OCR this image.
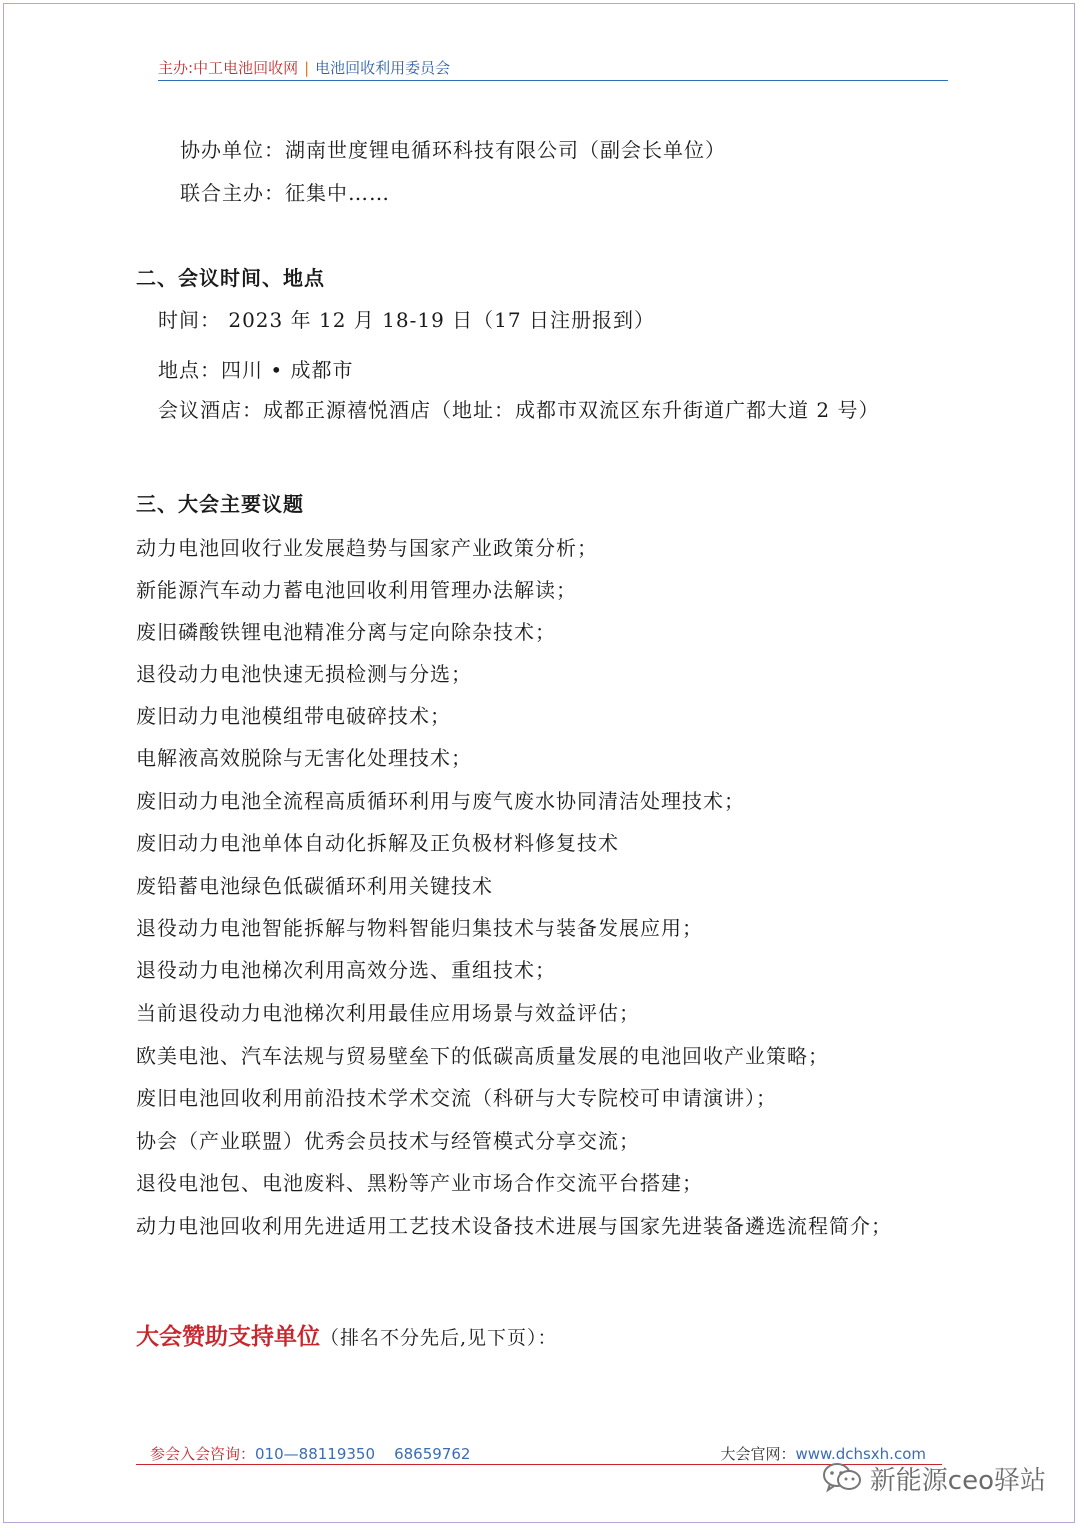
主办:中工电池回收网 | 电池回收利用委员会
协办单位：湖南世度锂电循环科技有限公司（副会长单位）
联合主办：征集中……
二、会议时间、地点
时间： 2023 年 12 月 18-19 日（17 日注册报到）
地点：四川 • 成都市
会议酒店：成都正源禧悦酒店（地址：成都市双流区东升街道广都大道 2 号）
三、大会主要议题
动力电池回收行业发展趋势与国家产业政策分析；
新能源汽车动力蓄电池回收利用管理办法解读；
废旧磷酸铁锂电池精准分离与定向除杂技术；
退役动力电池快速无损检测与分选；
废旧动力电池模组带电破碎技术；
电解液高效脱除与无害化处理技术；
废旧动力电池全流程高质循环利用与废气废水协同清洁处理技术；
废旧动力电池单体自动化拆解及正负极材料修复技术
废铅蓄电池绿色低碳循环利用关键技术
退役动力电池智能拆解与物料智能归集技术与装备发展应用；
退役动力电池梯次利用高效分选、重组技术；
当前退役动力电池梯次利用最佳应用场景与效益评估；
欧美电池、汽车法规与贸易壁垒下的低碳高质量发展的电池回收产业策略；
废旧电池回收利用前沿技术学术交流（科研与大专院校可申请演讲）；
协会（产业联盟）优秀会员技术与经管模式分享交流；
退役电池包、电池废料、黑粉等产业市场合作交流平台搭建；
动力电池回收利用先进适用工艺技术设备技术进展与国家先进装备遴选流程简介；
大会赞助支持单位（排名不分先后,见下页）：
参会入会咨询：010—88119350    68659762	大会官网：www.dchsxh.com
新能源ceo驿站
